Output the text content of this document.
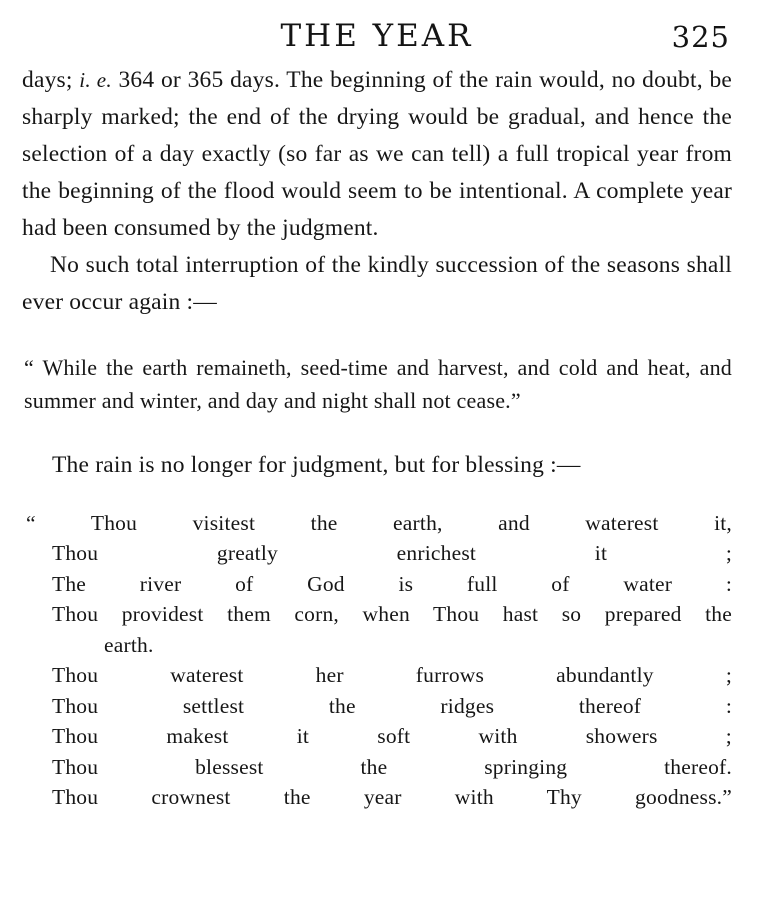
THE YEAR	325

days; i. e. 364 or 365 days. The beginning of the rain would, no doubt, be sharply marked; the end of the drying would be gradual, and hence the selection of a day exactly (so far as we can tell) a full tropical year from the beginning of the flood would seem to be intentional. A complete year had been consumed by the judgment.

No such total interruption of the kindly succession of the seasons shall ever occur again :—

“ While the earth remaineth, seed-time and harvest, and cold and heat, and summer and winter, and day and night shall not cease.”

The rain is no longer for judgment, but for blessing :—

“ Thou visitest the earth, and waterest it,
Thou greatly enrichest it ;
The river of God is full of water :
Thou providest them corn, when Thou hast so prepared the
earth.
Thou waterest her furrows abundantly ;
Thou settlest the ridges thereof :
Thou makest it soft with showers ;
Thou blessest the springing thereof.
Thou crownest the year with Thy goodness.”
